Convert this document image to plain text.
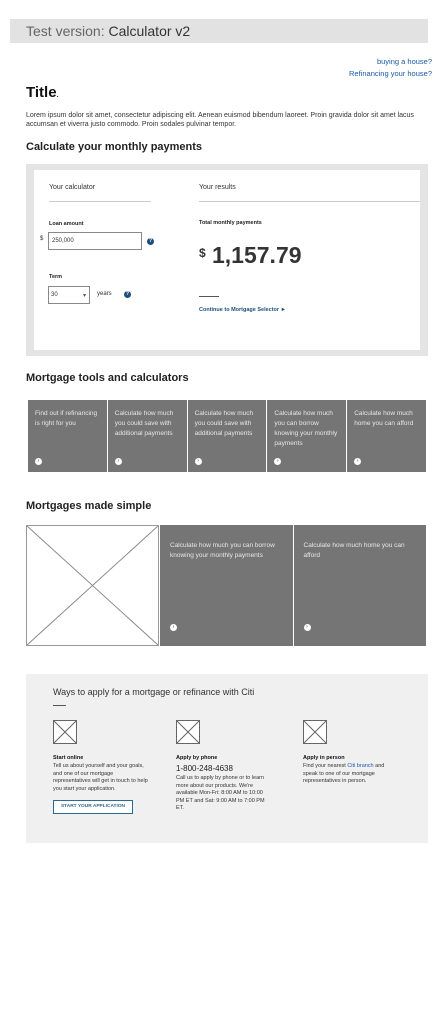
Test version: Calculator v2
buying a house?
Refinancing your house?
Title.
Lorem ipsum dolor sit amet, consectetur adipiscing elit. Aenean euismod bibendum laoreet. Proin gravida dolor sit amet lacus accumsan et viverra justo commodo. Proin sodales pulvinar tempor.
Calculate your monthly payments
Your calculator	Your results
Loan amount
$	250,000	?
Term
30	▾ years	?
Total monthly payments
$ 1,157.79
Continue to Mortgage Selector ►
Mortgage tools and calculators
Find out if refinancing is right for you
›
Calculate how much you could save with additional payments
›
Calculate how much you could save with additional payments
›
Calculate how much you can borrow knowing your monthly payments
›
Calculate how much home you can afford
›
Mortgages made simple
Calculate how much you can borrow knowing your monthly payments
›
Calculate how much home you can afford
›
Ways to apply for a mortgage or refinance with Citi
Start online
Tell us about yourself and your goals, and one of our mortgage representatives will get in touch to help you start your application.
START YOUR APPLICATION
Apply by phone
1-800-248-4638
Call us to apply by phone or to learn more about our products. We're available Mon-Fri: 8:00 AM to 10:00 PM ET and Sat: 9:00 AM to 7:00 PM ET.
Apply in person
Find your nearest Citi branch and speak to one of our mortgage representatives in person.
